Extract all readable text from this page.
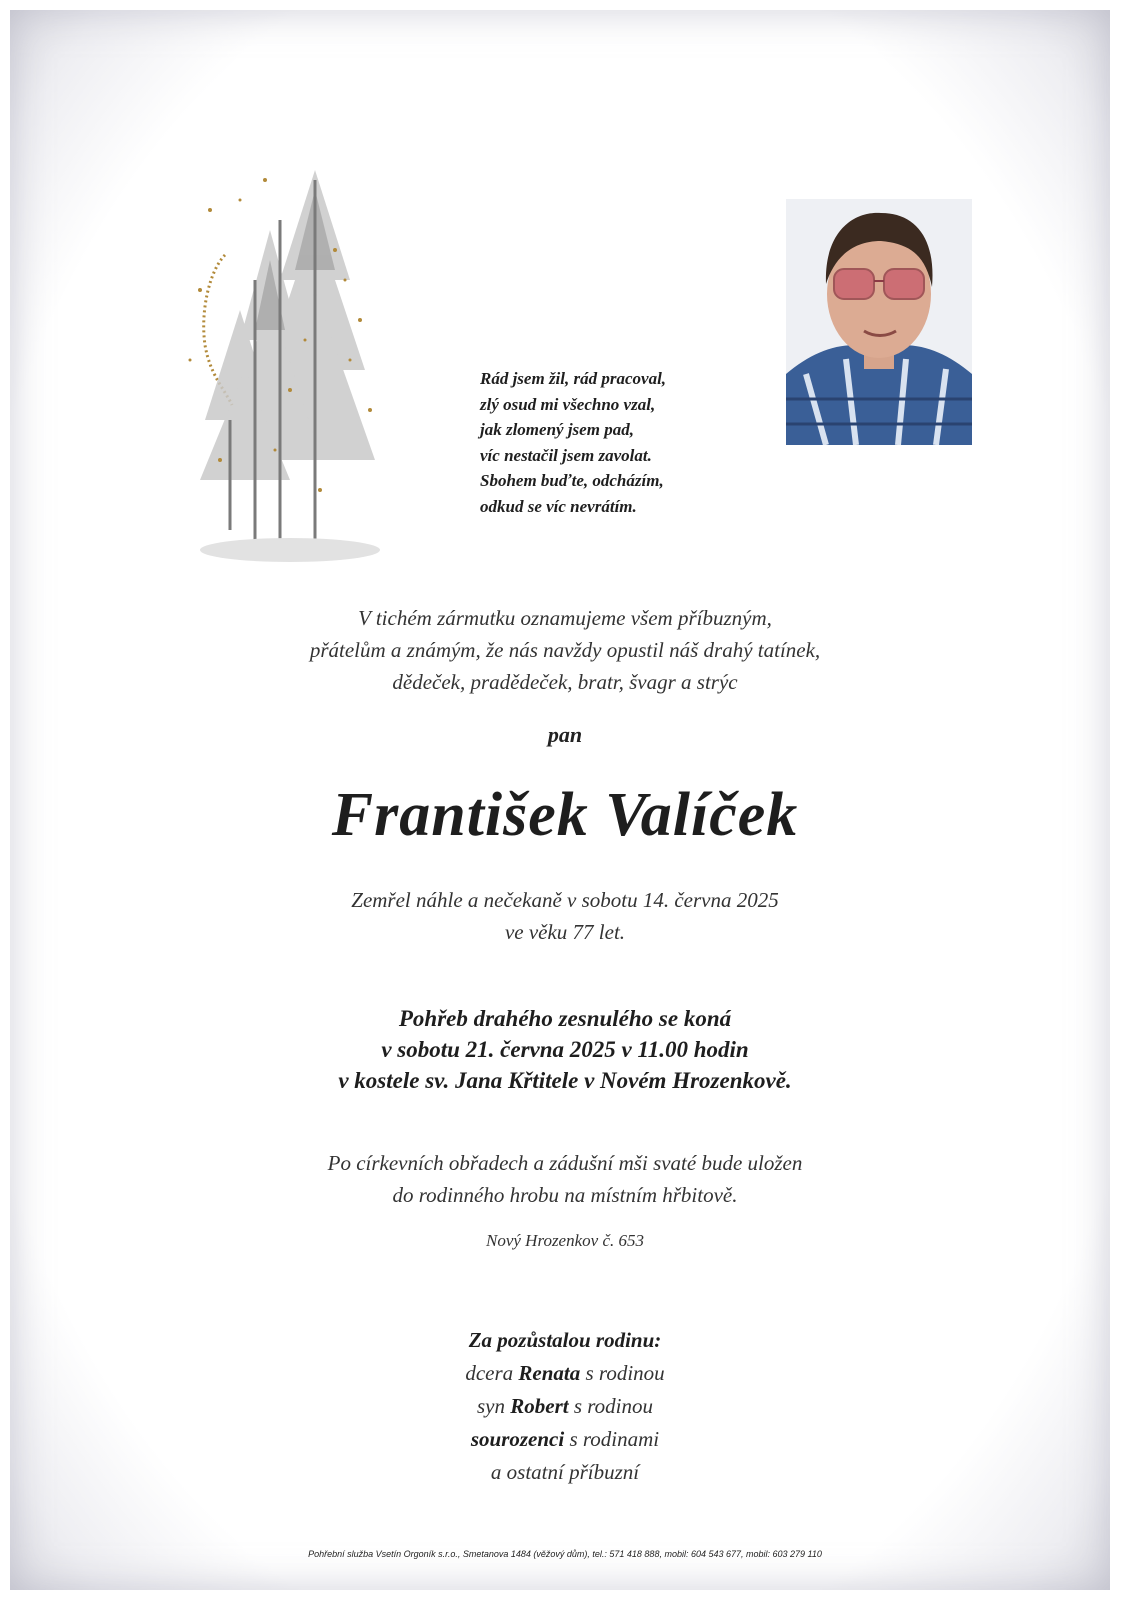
Rád jsem žil, rád pracoval,
zlý osud mi všechno vzal,
jak zlomený jsem pad,
víc nestačil jsem zavolat.
Sbohem buďte, odcházím,
odkud se víc nevrátím.
V tichém zármutku oznamujeme všem příbuzným,
přátelům a známým, že nás navždy opustil náš drahý tatínek,
dědeček, pradědeček, bratr, švagr a strýc
pan
František Valíček
Zemřel náhle a nečekaně v sobotu 14. června 2025
ve věku 77 let.
Pohřeb drahého zesnulého se koná
v sobotu 21. června 2025 v 11.00 hodin
v kostele sv. Jana Křtitele v Novém Hrozenkově.
Po církevních obřadech a zádušní mši svaté bude uložen
do rodinného hrobu na místním hřbitově.
Nový Hrozenkov č. 653
Za pozůstalou rodinu:
dcera Renata s rodinou
syn Robert s rodinou
sourozenci s rodinami
a ostatní příbuzní
Pohřební služba Vsetín Orgoník s.r.o., Smetanova 1484 (věžový dům), tel.: 571 418 888, mobil: 604 543 677, mobil: 603 279 110
